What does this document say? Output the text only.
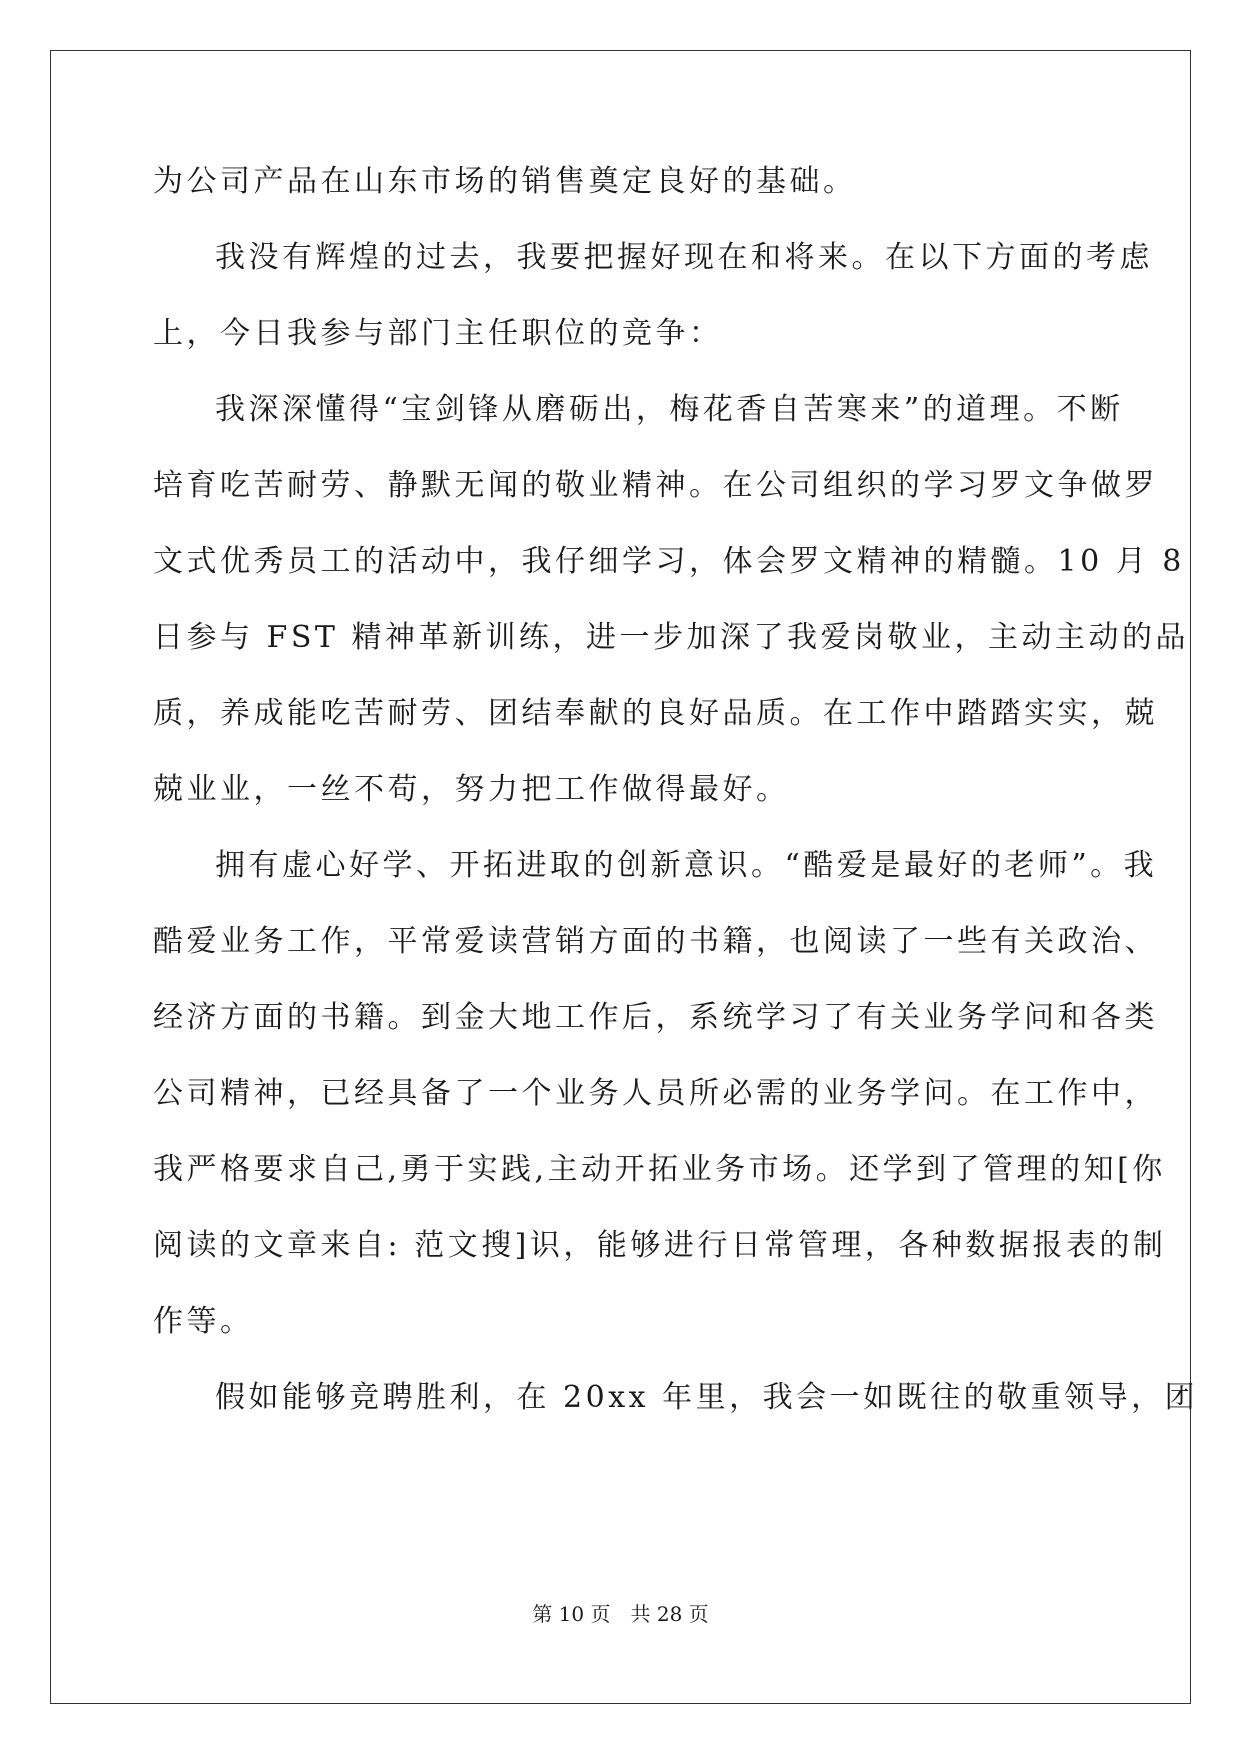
为公司产品在山东市场的销售奠定良好的基础。
我没有辉煌的过去，我要把握好现在和将来。在以下方面的考虑
上，今日我参与部门主任职位的竞争：
我深深懂得“宝剑锋从磨砺出，梅花香自苦寒来”的道理。不断
培育吃苦耐劳、静默无闻的敬业精神。在公司组织的学习罗文争做罗
文式优秀员工的活动中，我仔细学习，体会罗文精神的精髓。10 月 8
日参与 FST 精神革新训练，进一步加深了我爱岗敬业，主动主动的品
质，养成能吃苦耐劳、团结奉献的良好品质。在工作中踏踏实实，兢
兢业业，一丝不苟，努力把工作做得最好。
拥有虚心好学、开拓进取的创新意识。“酷爱是最好的老师”。我
酷爱业务工作，平常爱读营销方面的书籍，也阅读了一些有关政治、
经济方面的书籍。到金大地工作后，系统学习了有关业务学问和各类
公司精神，已经具备了一个业务人员所必需的业务学问。在工作中，
我严格要求自己,勇于实践,主动开拓业务市场。还学到了管理的知[你
阅读的文章来自: 范文搜]识，能够进行日常管理，各种数据报表的制
作等。
假如能够竞聘胜利，在 20xx 年里，我会一如既往的敬重领导，团
第 10 页　共 28 页
